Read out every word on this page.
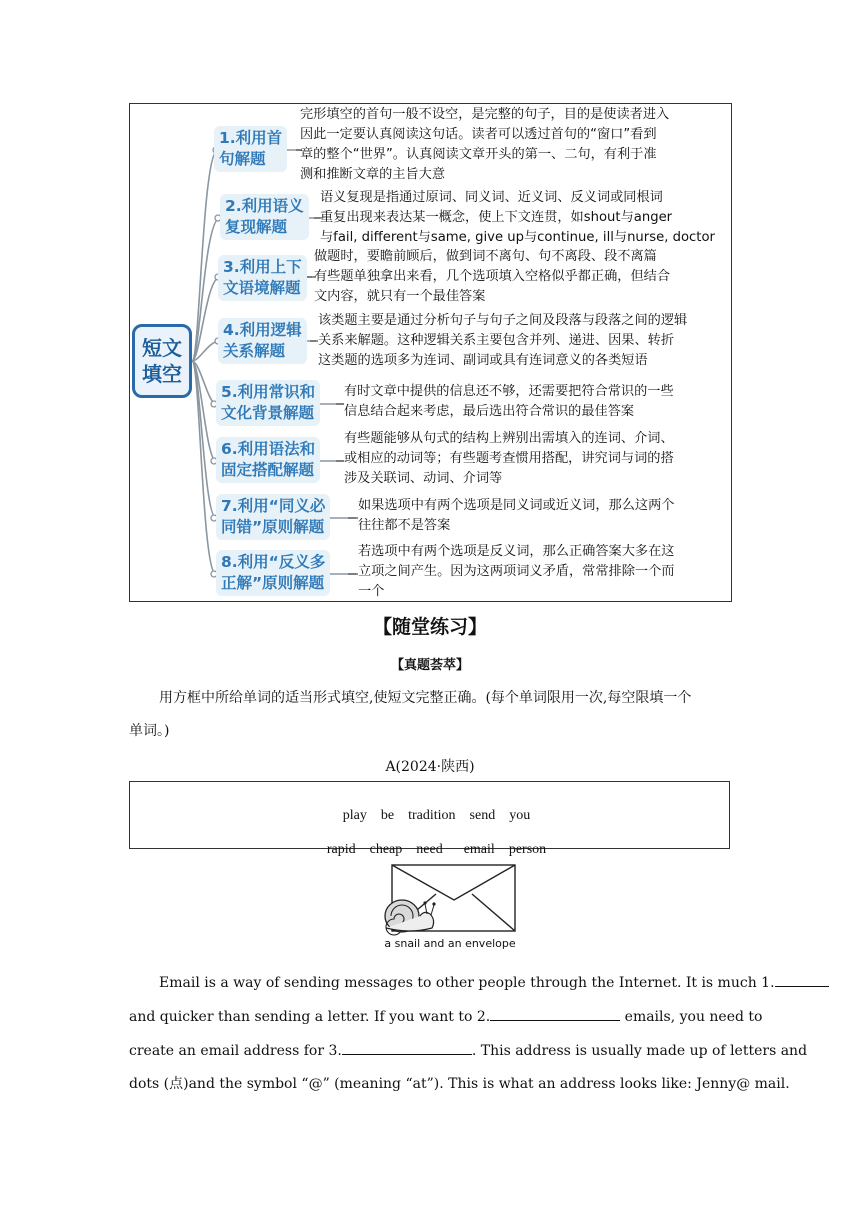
短文
填空
1.利用首
句解题
完形填空的首句一般不设空，是完整的句子，目的是使读者进入
因此一定要认真阅读这句话。读者可以透过首句的“窗口”看到
章的整个“世界”。认真阅读文章开头的第一、二句，有利于准
测和推断文章的主旨大意
2.利用语义
复现解题
语义复现是指通过原词、同义词、近义词、反义词或同根词
重复出现来表达某一概念，使上下文连贯，如shout与anger
与fail, different与same, give up与continue, ill与nurse, doctor
3.利用上下
文语境解题
做题时，要瞻前顾后，做到词不离句、句不离段、段不离篇
有些题单独拿出来看，几个选项填入空格似乎都正确，但结合
文内容，就只有一个最佳答案
4.利用逻辑
关系解题
该类题主要是通过分析句子与句子之间及段落与段落之间的逻辑
关系来解题。这种逻辑关系主要包含并列、递进、因果、转折
这类题的选项多为连词、副词或具有连词意义的各类短语
5.利用常识和
文化背景解题
有时文章中提供的信息还不够，还需要把符合常识的一些
信息结合起来考虑，最后选出符合常识的最佳答案
6.利用语法和
固定搭配解题
有些题能够从句式的结构上辨别出需填入的连词、介词、
或相应的动词等；有些题考查惯用搭配，讲究词与词的搭
涉及关联词、动词、介词等
7.利用“同义必
同错”原则解题
如果选项中有两个选项是同义词或近义词，那么这两个
往往都不是答案
8.利用“反义多
正解”原则解题
若选项中有两个选项是反义词，那么正确答案大多在这
立项之间产生。因为这两项词义矛盾，常常排除一个而
一个
【随堂练习】
【真题荟萃】
用方框中所给单词的适当形式填空,使短文完整正确。(每个单词限用一次,每空限填一个
单词。)
A(2024·陕西)

play be tradition send you

rapid cheap need email person

a snail and an envelope
Email is a way of sending messages to other people through the Internet. It is much 1.
and quicker than sending a letter. If you want to 2.	emails, you need to
create an email address for 3.	. This address is usually made up of letters and
dots (点)and the symbol “@” (meaning “at”). This is what an address looks like: Jenny@ mail.
